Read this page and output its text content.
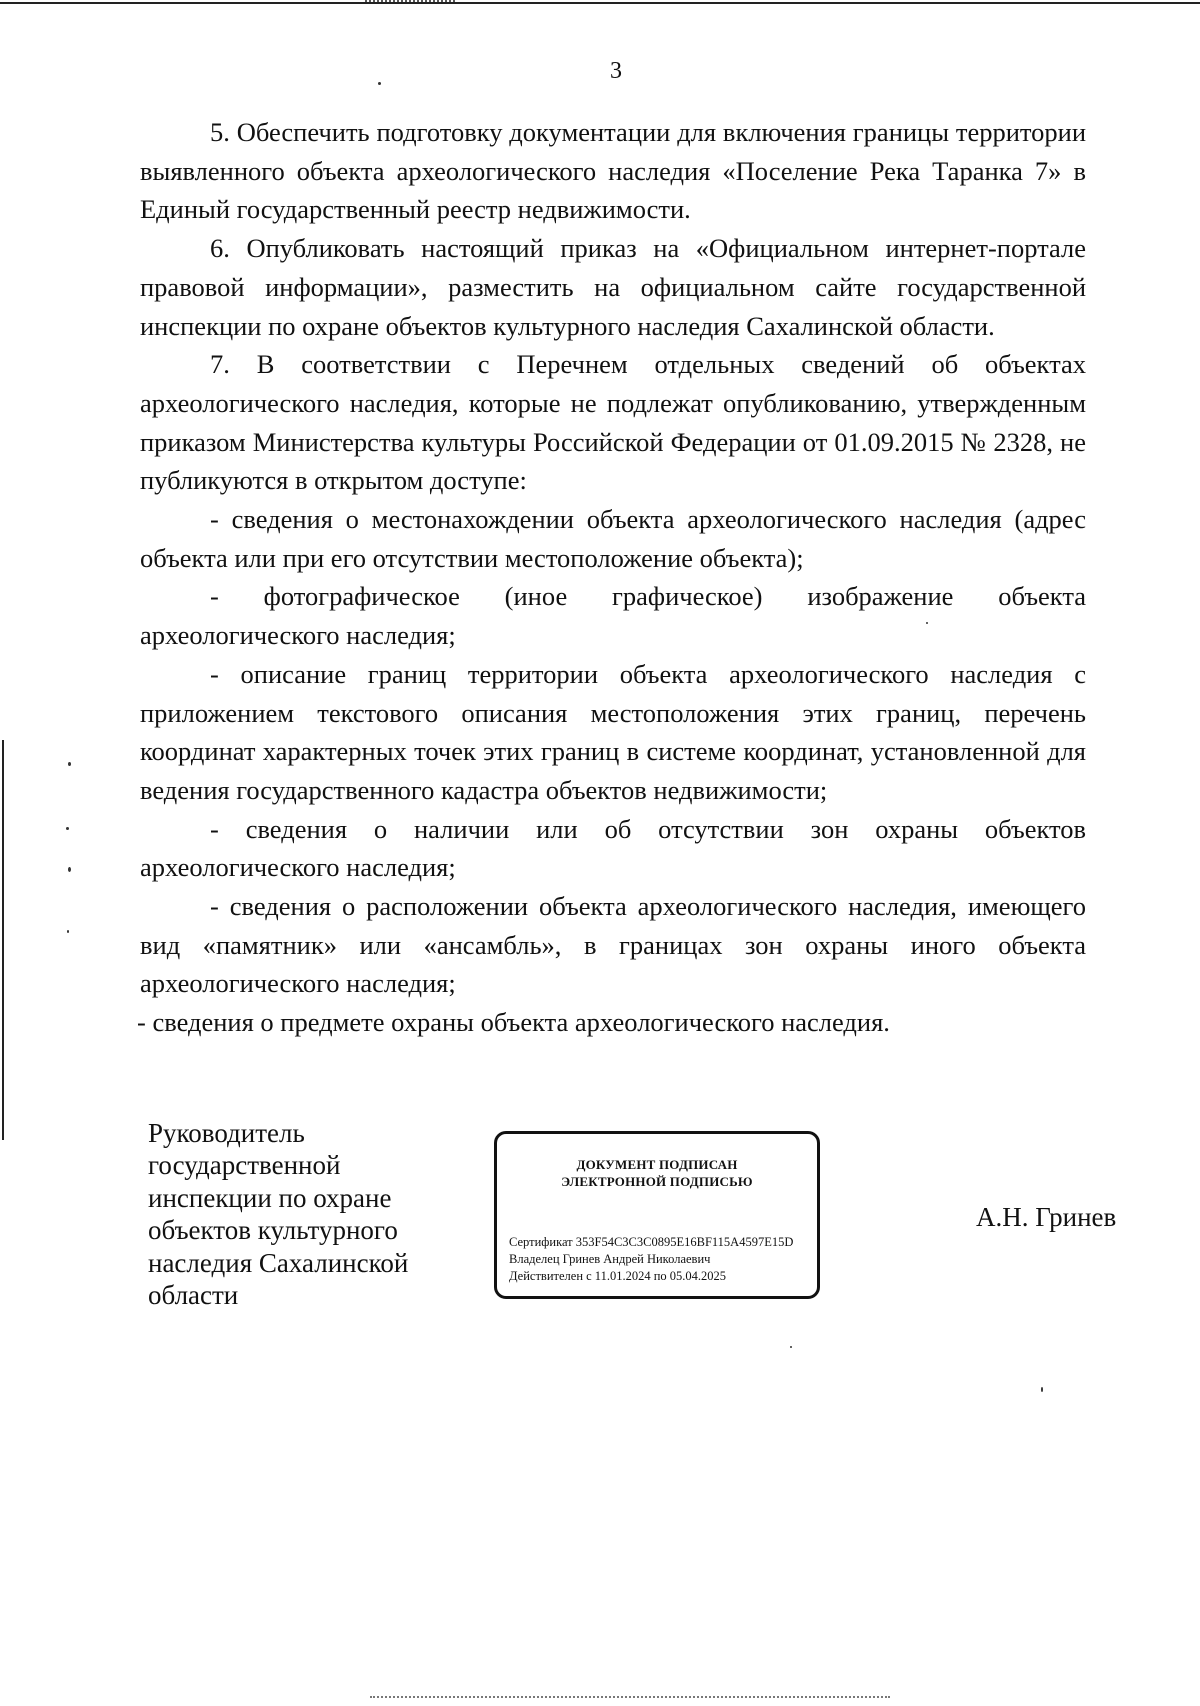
3

5. Обеспечить подготовку документации для включения границы территории выявленного объекта археологического наследия «Поселение Река Таранка 7» в Единый государственный реестр недвижимости.

6. Опубликовать настоящий приказ на «Официальном интернет-портале правовой информации», разместить на официальном сайте государственной инспекции по охране объектов культурного наследия Сахалинской области.

7. В соответствии с Перечнем отдельных сведений об объектах археологического наследия, которые не подлежат опубликованию, утвержденным приказом Министерства культуры Российской Федерации от 01.09.2015 № 2328, не публикуются в открытом доступе:

- сведения о местонахождении объекта археологического наследия (адрес объекта или при его отсутствии местоположение объекта);

- фотографическое (иное графическое) изображение объекта археологического наследия;

- описание границ территории объекта археологического наследия с приложением текстового описания местоположения этих границ, перечень координат характерных точек этих границ в системе координат, установленной для ведения государственного кадастра объектов недвижимости;

- сведения о наличии или об отсутствии зон охраны объектов археологического наследия;

- сведения о расположении объекта археологического наследия, имеющего вид «памятник» или «ансамбль», в границах зон охраны иного объекта археологического наследия;

- сведения о предмете охраны объекта археологического наследия.

Руководитель
государственной
инспекции по охране
объектов культурного
наследия Сахалинской
области
ДОКУМЕНТ ПОДПИСАН
ЭЛЕКТРОННОЙ ПОДПИСЬЮ
Сертификат 353F54C3C3C0895E16BF115A4597E15D
Владелец Гринев Андрей Николаевич
Действителен с 11.01.2024 по 05.04.2025
А.Н. Гринев
